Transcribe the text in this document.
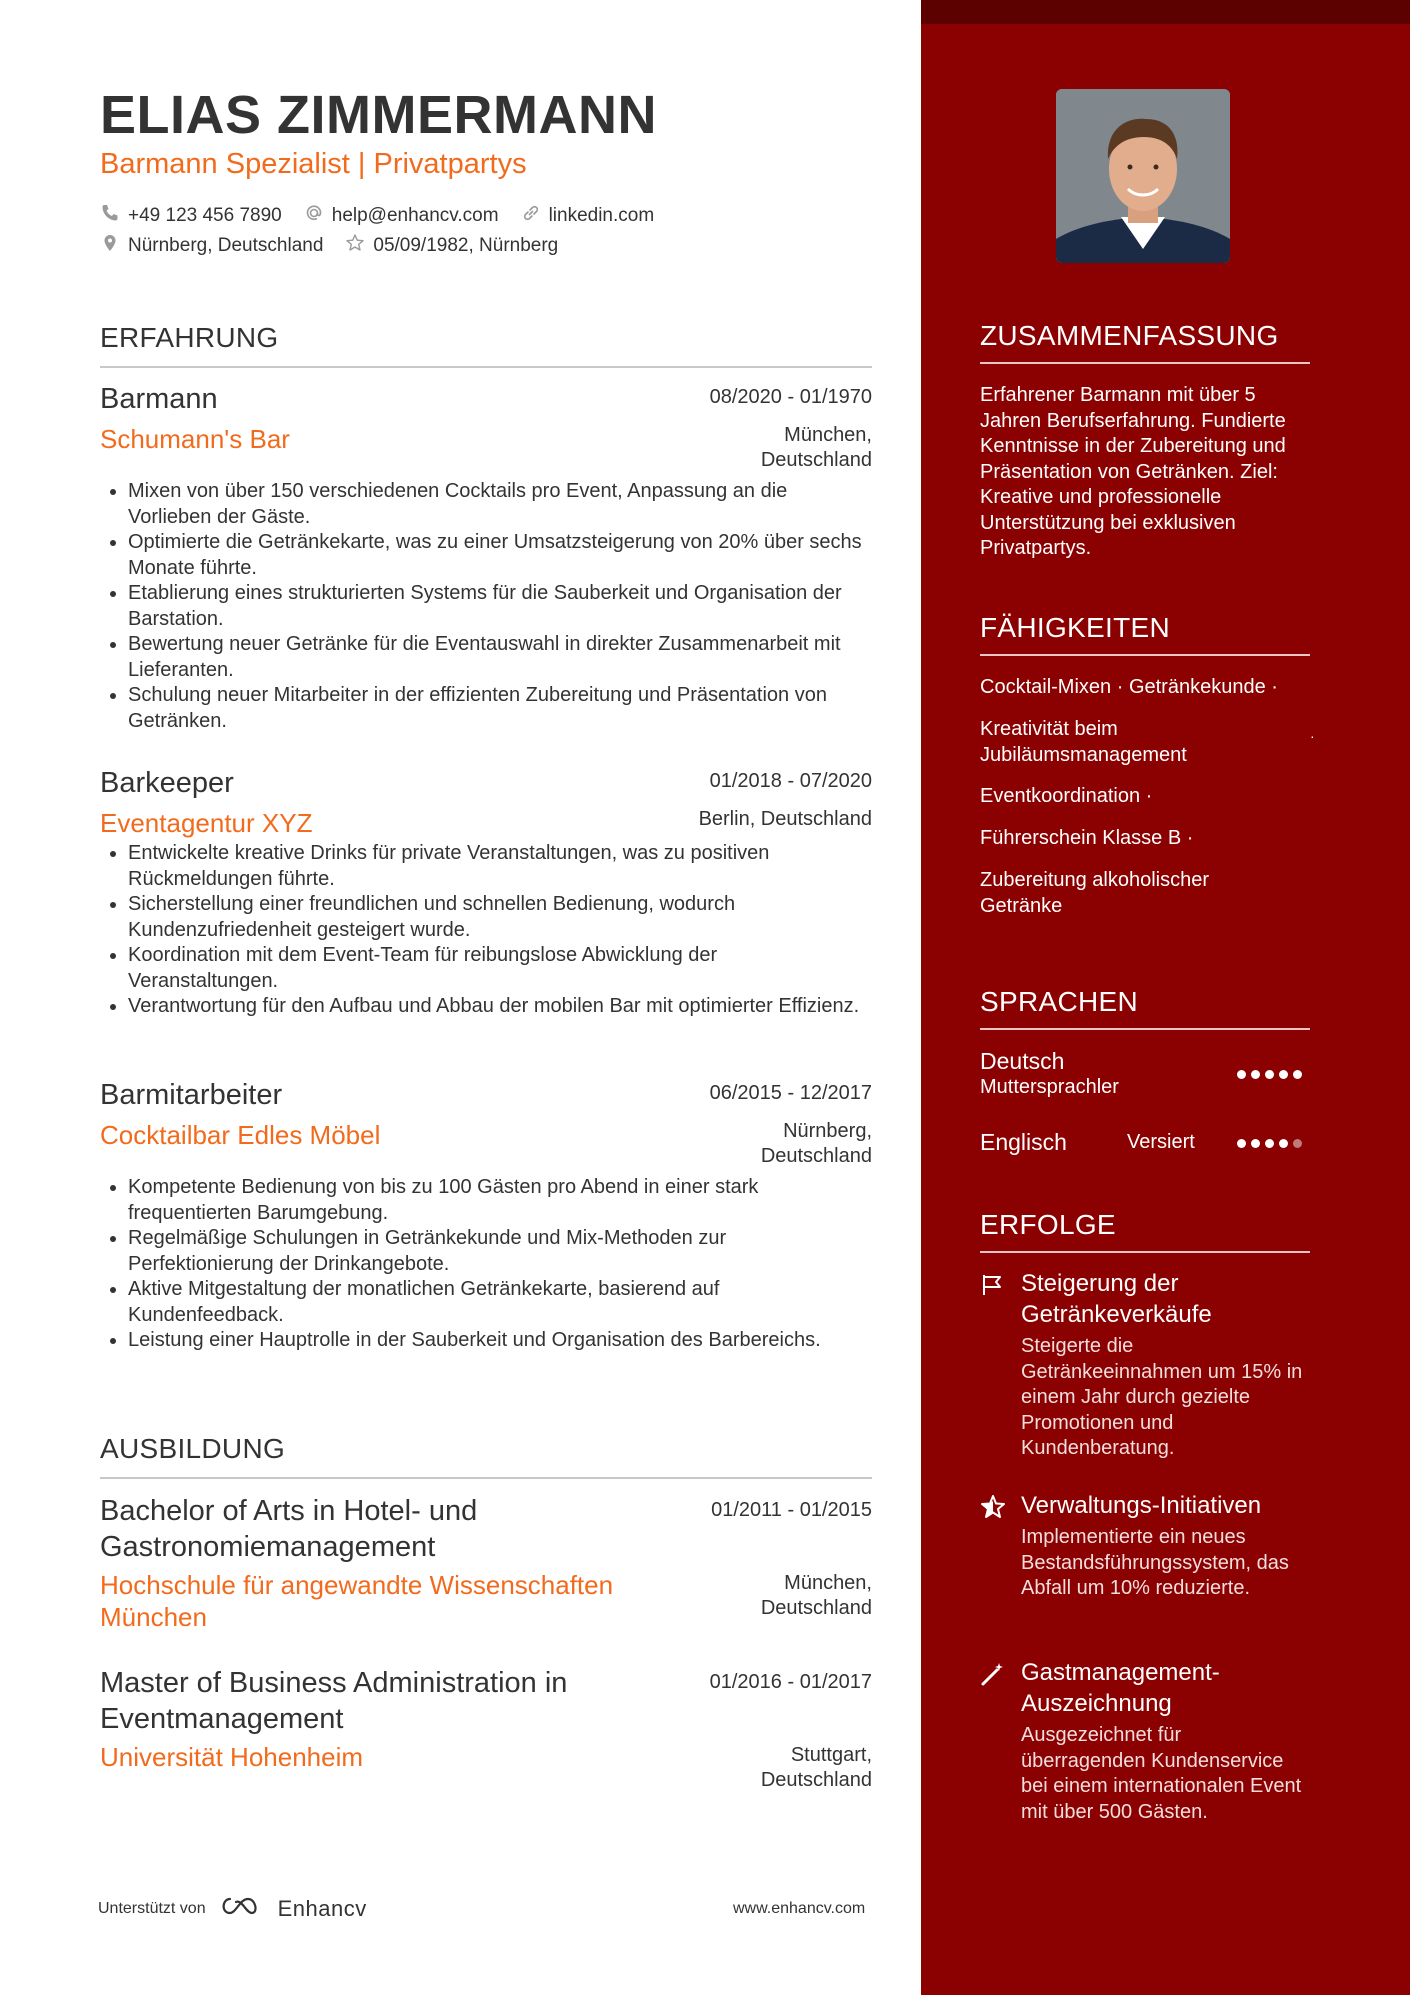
ELIAS ZIMMERMANN
Barmann Spezialist | Privatpartys
+49 123 456 7890	help@enhancv.com	linkedin.com
Nürnberg, Deutschland	05/09/1982, Nürnberg
ERFAHRUNG
Barmann	08/2020 - 01/1970
Schumann's Bar	München, Deutschland
• Mixen von über 150 verschiedenen Cocktails pro Event, Anpassung an die Vorlieben der Gäste.
• Optimierte die Getränkekarte, was zu einer Umsatzsteigerung von 20% über sechs Monate führte.
• Etablierung eines strukturierten Systems für die Sauberkeit und Organisation der Barstation.
• Bewertung neuer Getränke für die Eventauswahl in direkter Zusammenarbeit mit Lieferanten.
• Schulung neuer Mitarbeiter in der effizienten Zubereitung und Präsentation von Getränken.
Barkeeper	01/2018 - 07/2020
Eventagentur XYZ	Berlin, Deutschland
• Entwickelte kreative Drinks für private Veranstaltungen, was zu positiven Rückmeldungen führte.
• Sicherstellung einer freundlichen und schnellen Bedienung, wodurch Kundenzufriedenheit gesteigert wurde.
• Koordination mit dem Event-Team für reibungslose Abwicklung der Veranstaltungen.
• Verantwortung für den Aufbau und Abbau der mobilen Bar mit optimierter Effizienz.
Barmitarbeiter	06/2015 - 12/2017
Cocktailbar Edles Möbel	Nürnberg, Deutschland
• Kompetente Bedienung von bis zu 100 Gästen pro Abend in einer stark frequentierten Barumgebung.
• Regelmäßige Schulungen in Getränkekunde und Mix-Methoden zur Perfektionierung der Drinkangebote.
• Aktive Mitgestaltung der monatlichen Getränkekarte, basierend auf Kundenfeedback.
• Leistung einer Hauptrolle in der Sauberkeit und Organisation des Barbereichs.
AUSBILDUNG
Bachelor of Arts in Hotel- und Gastronomiemanagement
01/2011 - 01/2015
Hochschule für angewandte Wissenschaften München
München,
Deutschland
Master of Business Administration in Eventmanagement
01/2016 - 01/2017
Universität Hohenheim	Stuttgart,
Deutschland
Unterstützt von	Enhancv	www.enhancv.com
ZUSAMMENFASSUNG
Erfahrener Barmann mit über 5 Jahren Berufserfahrung. Fundierte Kenntnisse in der Zubereitung und Präsentation von Getränken. Ziel: Kreative und professionelle Unterstützung bei exklusiven Privatpartys.
FÄHIGKEITEN
Cocktail-Mixen · Getränkekunde ·
Kreativität beim Jubiläumsmanagement
·
Eventkoordination ·
Führerschein Klasse B ·
Zubereitung alkoholischer Getränke
SPRACHEN
Deutsch
Muttersprachler
Englisch	Versiert
ERFOLGE
Steigerung der Getränkeverkäufe
Steigerte die Getränkeeinnahmen um 15% in einem Jahr durch gezielte Promotionen und Kundenberatung.
Verwaltungs-Initiativen
Implementierte ein neues Bestandsführungssystem, das Abfall um 10% reduzierte.
Gastmanagement-Auszeichnung
Ausgezeichnet für überragenden Kundenservice bei einem internationalen Event mit über 500 Gästen.
